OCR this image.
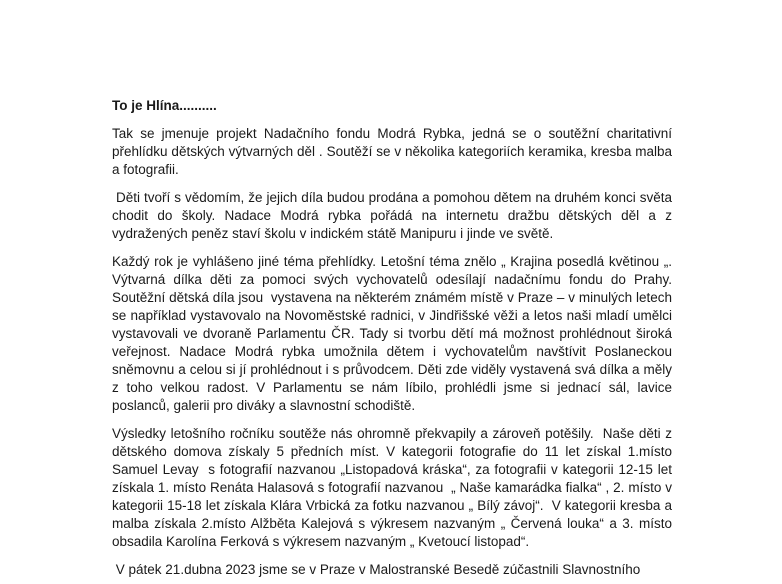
To je Hlína..........

Tak se jmenuje projekt Nadačního fondu Modrá Rybka, jedná se o soutěžní charitativní přehlídku dětských výtvarných děl . Soutěží se v několika kategoriích keramika, kresba malba a fotografii.

Děti tvoří s vědomím, že jejich díla budou prodána a pomohou dětem na druhém konci světa chodit do školy. Nadace Modrá rybka pořádá na internetu dražbu dětských děl a z vydražených peněz staví školu v indickém státě Manipuru i jinde ve světě.

Každý rok je vyhlášeno jiné téma přehlídky. Letošní téma znělo „ Krajina posedlá květinou „. Výtvarná dílka děti za pomoci svých vychovatelů odesílají nadačnímu fondu do Prahy. Soutěžní dětská díla jsou  vystavena na některém známém místě v Praze – v minulých letech se například vystavovalo na Novoměstské radnici, v Jindřišské věži a letos naši mladí umělci vystavovali ve dvoraně Parlamentu ČR. Tady si tvorbu dětí má možnost prohlédnout široká veřejnost. Nadace Modrá rybka umožnila dětem i vychovatelům navštívit Poslaneckou sněmovnu a celou si jí prohlédnout i s průvodcem. Děti zde viděly vystavená svá dílka a měly z toho velkou radost. V Parlamentu se nám líbilo, prohlédli jsme si jednací sál, lavice poslanců, galerii pro diváky a slavnostní schodiště.

Výsledky letošního ročníku soutěže nás ohromně překvapily a zároveň potěšily.  Naše děti z dětského domova získaly 5 předních míst. V kategorii fotografie do 11 let získal 1.místo Samuel Levay  s fotografií nazvanou „Listopadová kráska“, za fotografii v kategorii 12-15 let získala 1. místo Renáta Halasová s fotografií nazvanou  „ Naše kamarádka fialka“ , 2. místo v kategorii 15-18 let získala Klára Vrbická za fotku nazvanou „ Bílý závoj“.  V kategorii kresba a malba získala 2.místo Alžběta Kalejová s výkresem nazvaným „ Červená louka“ a 3. místo obsadila Karolína Ferková s výkresem nazvaným „ Kvetoucí listopad“.

V pátek 21.dubna 2023 jsme se v Praze v Malostranské Besedě zúčastnili Slavnostního
